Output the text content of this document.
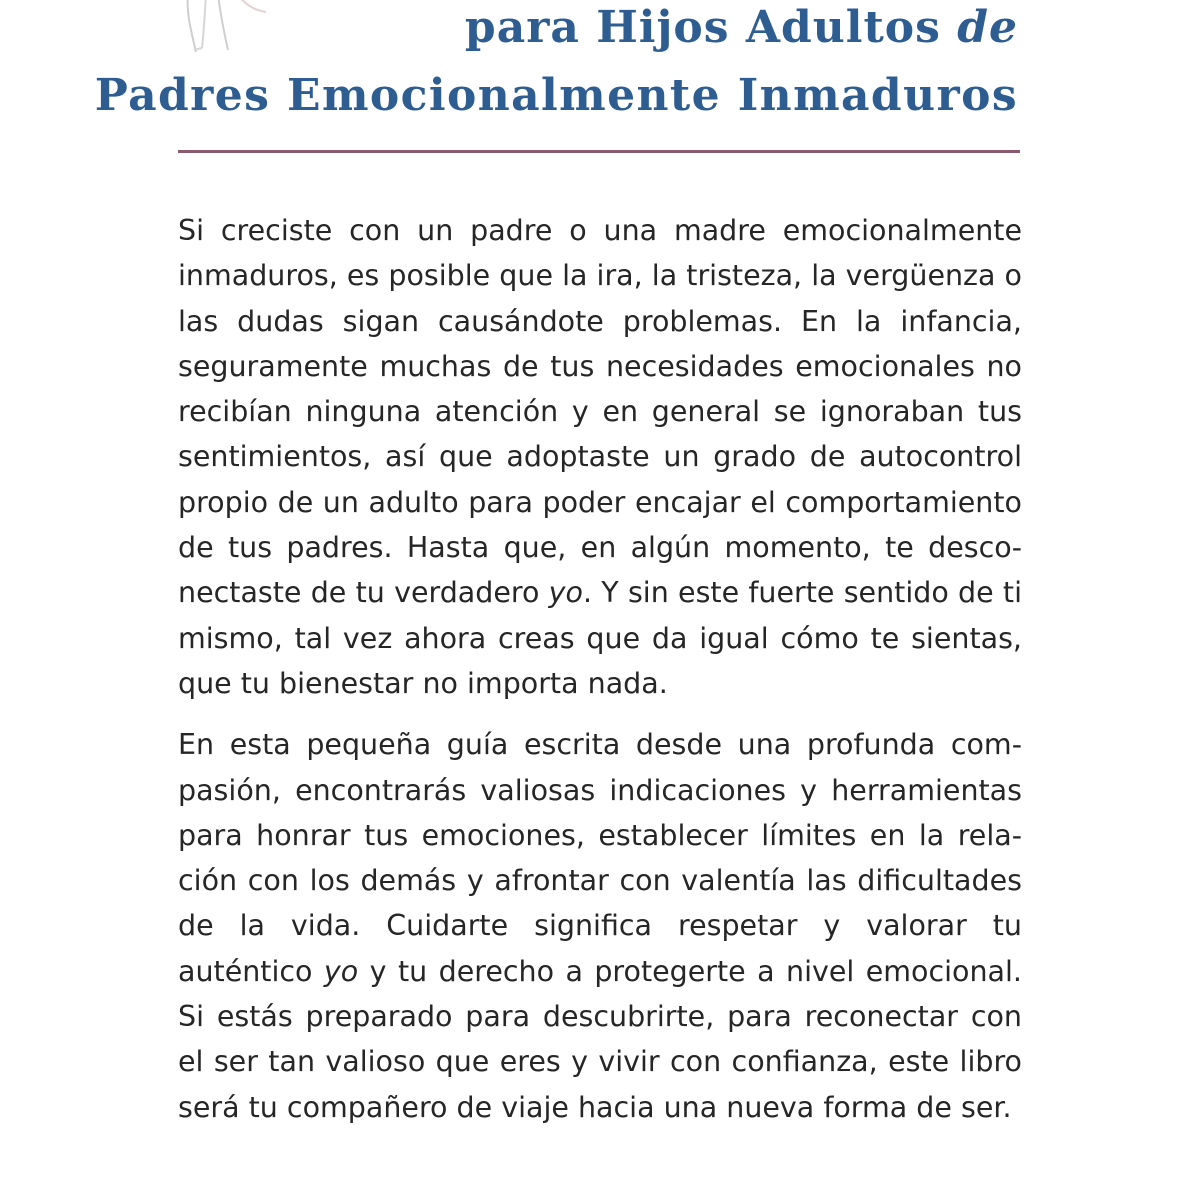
para Hijos Adultos de
Padres Emocionalmente Inmaduros

Si creciste con un padre o una madre emocionalmente inmaduros, es posible que la ira, la tristeza, la vergüenza o las dudas sigan causándote problemas. En la infancia, seguramente muchas de tus necesidades emocionales no recibían ninguna atención y en general se ignoraban tus sentimientos, así que adoptaste un grado de autocontrol propio de un adulto para poder encajar el comportamiento de tus padres. Hasta que, en algún momento, te desconectaste de tu verdadero yo. Y sin este fuerte sentido de ti mismo, tal vez ahora creas que da igual cómo te sientas, que tu bienestar no importa nada.

En esta pequeña guía escrita desde una profunda compasión, encontrarás valiosas indicaciones y herramientas para honrar tus emociones, establecer límites en la relación con los demás y afrontar con valentía las dificultades de la vida. Cuidarte significa respetar y valorar tu auténtico yo y tu derecho a protegerte a nivel emocional. Si estás preparado para descubrirte, para reconectar con el ser tan valioso que eres y vivir con confianza, este libro será tu compañero de viaje hacia una nueva forma de ser.
